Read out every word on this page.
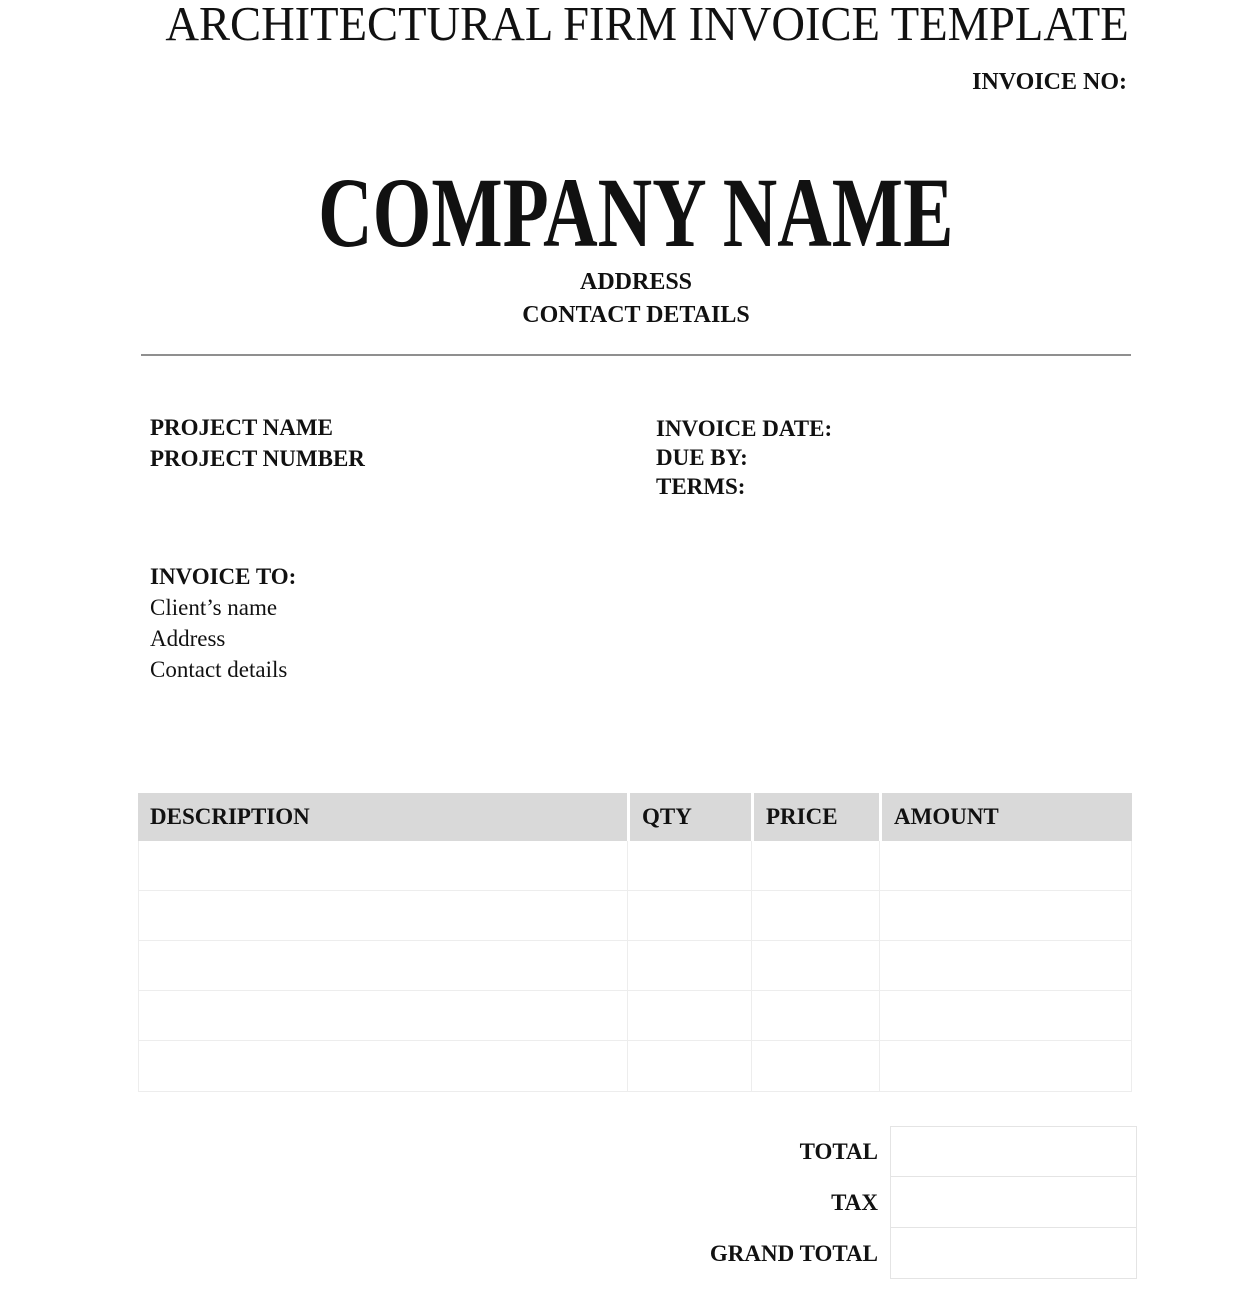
ARCHITECTURAL FIRM INVOICE TEMPLATE
INVOICE NO:
COMPANY NAME
ADDRESS
CONTACT DETAILS
PROJECT NAME
PROJECT NUMBER
INVOICE DATE:
DUE BY:
TERMS:
INVOICE TO:
Client’s name
Address
Contact details
DESCRIPTION	QTY	PRICE	AMOUNT
TOTAL
TAX
GRAND TOTAL
